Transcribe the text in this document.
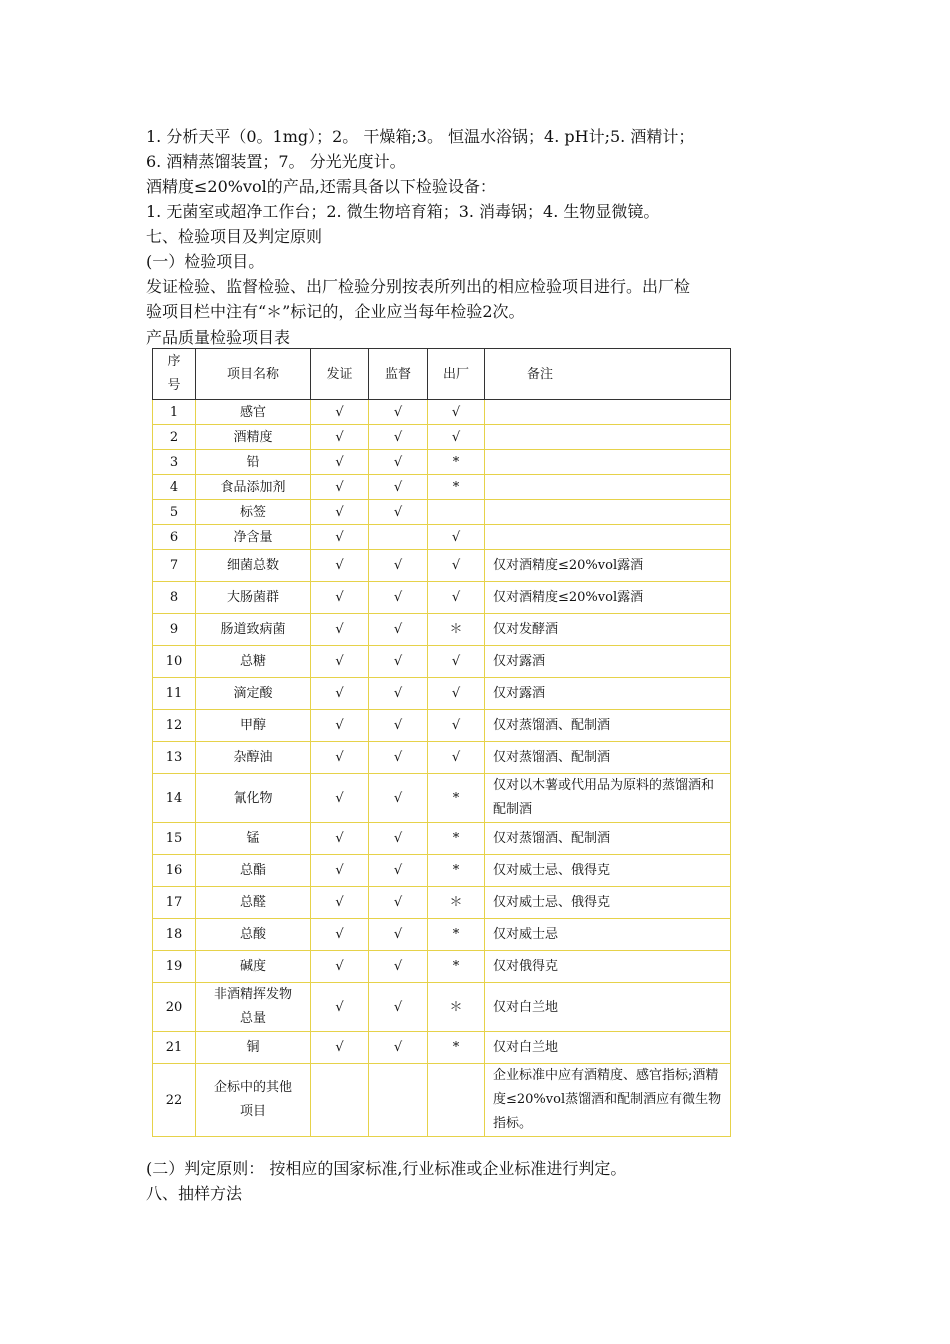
1. 分析天平（0。1mg）；2。 干燥箱;3。 恒温水浴锅；4. pH计;5. 酒精计；
6. 酒精蒸馏装置；7。 分光光度计。
酒精度≤20%vol的产品,还需具备以下检验设备：
1. 无菌室或超净工作台；2. 微生物培育箱；3. 消毒锅；4. 生物显微镜。
七、检验项目及判定原则
(一）检验项目。
发证检验、监督检验、出厂检验分别按表所列出的相应检验项目进行。出厂检
验项目栏中注有“＊”标记的，企业应当每年检验2次。
产品质量检验项目表
序号	项目名称	发证	监督	出厂	备注
1	感官	√	√	√	
2	酒精度	√	√	√	
3	铅	√	√	*	
4	食品添加剂	√	√	*	
5	标签	√	√		
6	净含量	√		√	
7	细菌总数	√	√	√	仅对酒精度≤20%vol露酒
8	大肠菌群	√	√	√	仅对酒精度≤20%vol露酒
9	肠道致病菌	√	√	＊	仅对发酵酒
10	总糖	√	√	√	仅对露酒
11	滴定酸	√	√	√	仅对露酒
12	甲醇	√	√	√	仅对蒸馏酒、配制酒
13	杂醇油	√	√	√	仅对蒸馏酒、配制酒
14	氰化物	√	√	*	仅对以木薯或代用品为原料的蒸馏酒和配制酒
15	锰	√	√	*	仅对蒸馏酒、配制酒
16	总酯	√	√	*	仅对威士忌、俄得克
17	总醛	√	√	＊	仅对威士忌、俄得克
18	总酸	√	√	*	仅对威士忌
19	碱度	√	√	*	仅对俄得克
20	非酒精挥发物总量	√	√	＊	仅对白兰地
21	铜	√	√	*	仅对白兰地
22	企标中的其他项目				企业标准中应有酒精度、感官指标;酒精度≤20%vol蒸馏酒和配制酒应有微生物指标。
(二）判定原则： 按相应的国家标准,行业标准或企业标准进行判定。
八、抽样方法
